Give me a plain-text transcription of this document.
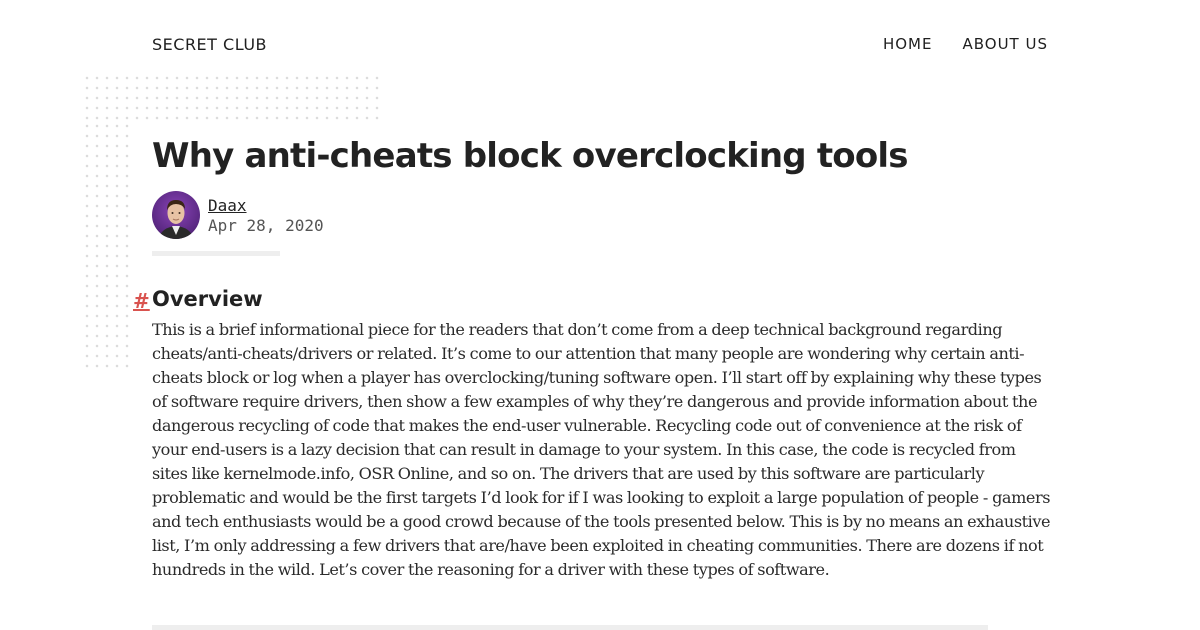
SECRET CLUB	HOME ABOUT US
Why anti-cheats block overclocking tools
Daax
Apr 28, 2020
# Overview

This is a brief informational piece for the readers that don’t come from a deep technical background regarding cheats/anti-cheats/drivers or related. It’s come to our attention that many people are wondering why certain anti-cheats block or log when a player has overclocking/tuning software open. I’ll start off by explaining why these types of software require drivers, then show a few examples of why they’re dangerous and provide information about the dangerous recycling of code that makes the end-user vulnerable. Recycling code out of convenience at the risk of your end-users is a lazy decision that can result in damage to your system. In this case, the code is recycled from sites like kernelmode.info, OSR Online, and so on. The drivers that are used by this software are particularly problematic and would be the first targets I’d look for if I was looking to exploit a large population of people - gamers and tech enthusiasts would be a good crowd because of the tools presented below. This is by no means an exhaustive list, I’m only addressing a few drivers that are/have been exploited in cheating communities. There are dozens if not hundreds in the wild. Let’s cover the reasoning for a driver with these types of software.
